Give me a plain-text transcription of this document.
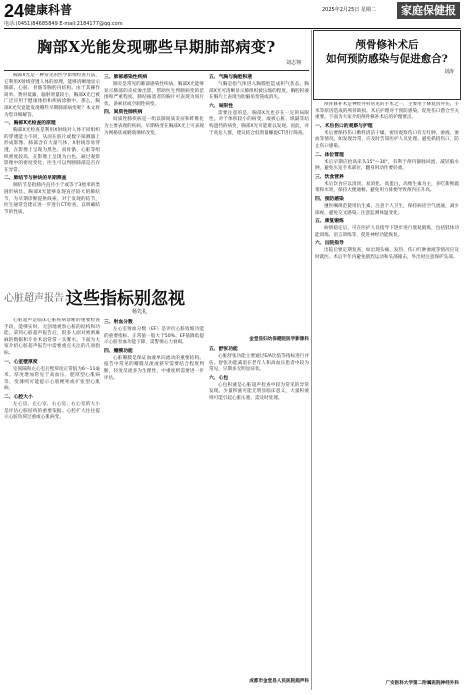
24 健康科普	2025年2月25日 星期二	家庭保健报
电话:(0451)84685849 E-mail:2184177@qq.com
胸部X光能发现哪些早期肺部病变?
刘志翔

胸部X光是一种常见的医学影像检查方法，它利用X射线穿透人体的原理，能够清晰地显示肺部、心脏、骨骼等胸腔内结构。由于其操作简单、费用低廉、辐射剂量较小，胸部X光已被广泛应用于健康体检和疾病诊断中。那么，胸部X光究竟能发现哪些早期肺部病变呢？本文将为您详细解答。

一、胸部X光检查的原理

胸部X光检查是利用X射线对人体不同组织的穿透能力不同，从而在胶片或数字探测器上形成影像。肺部含有大量气体，X射线容易穿透，在影像上呈现为黑色；而骨骼、心脏等组织密度较高，在影像上呈现为白色。通过观察影像中的密度变化，医生可以判断肺部是否存在异常。

二、肺结节与肿块的早期筛查

肺结节是指肺内直径小于或等于3厘米的类圆形病灶。胸部X光能够发现直径较大的肺结节，为早期诊断提供线索。对于发现的结节，医生通常会建议进一步进行CT检查，以明确结节的性质。

三、肺部感染性疾病

肺炎是常见的肺部感染性疾病。胸部X光能够显示肺部的炎症渗出影，帮助医生判断病变的范围和严重程度。肺结核患者的胸片可表现为斑片状、条索状或空洞性病变。

四、间质性肺疾病

间质性肺疾病是一组以肺间质炎症和纤维化为主要表现的疾病。早期病变在胸部X光上可表现为网格状或磨玻璃样改变。

五、气胸与胸腔积液

气胸是指气体进入胸膜腔造成积气状态。胸部X光可清晰显示肺组织被压缩的程度。胸腔积液在胸片上表现为肋膈角变钝或消失。

六、局限性

需要注意的是，胸部X光也存在一定的局限性。对于体积较小的病变，或被心脏、纵隔等结构遮挡的病变，胸部X光可能难以发现。因此，对于高危人群，建议结合低剂量螺旋CT进行筛查。

金堂县妇幼保健院医学影像科
心脏超声报告：
这些指标别忽视
杨先礼

心脏超声是临床心脏疾病诊断的重要检查手段，能够实时、无创地观察心脏的结构和功能。拿到心脏超声报告后，很多人面对密密麻麻的数据和专业术语常常一头雾水。下面为大家介绍心脏超声报告中需要重点关注的几项指标。

一、心室壁厚度

室间隔和左心室后壁厚度正常值为6～11毫米。厚度增加常见于高血压、肥厚型心肌病等，变薄则可能提示心肌梗死或扩张型心肌病。

二、心腔大小

左心房、左心室、右心房、右心室的大小是评估心脏结构的重要依据。心腔扩大往往提示心脏负荷过重或心肌病变。

三、射血分数

左心室射血分数（EF）是评价心脏收缩功能的重要指标，正常值一般大于50%。EF值降低提示心脏泵血功能下降，需警惕心力衰竭。

四、瓣膜功能

心脏瓣膜是保证血液单向流动的重要结构。报告中常见的瓣膜反流或狭窄需要结合程度判断，轻度反流多为生理性，中重度则需要进一步评估。

五、舒张功能

心脏舒张功能主要通过E/A比值等指标进行评估。舒张功能减退在老年人和高血压患者中较为常见，早期多无明显症状。

六、心包

心包积液是心脏超声检查中较为常见的异常发现。少量积液可能无明显临床意义，大量积液则可能引起心脏压塞，需及时处理。

成都市金堂县人民医院超声科
颅骨修补术后
如何预防感染与促进愈合?
刘涛

颅骨修补术是神经外科常见的手术之一，主要用于修复因外伤、手术等原因造成的颅骨缺损。术后护理对于预防感染、促进伤口愈合至关重要。下面为大家介绍颅骨修补术后的护理要点。

一、术后伤口的观察与护理

术后要保持伤口敷料清洁干燥，密切观察伤口有无红肿、渗液、渗血等情况。如发现异常，应及时告知医护人员处理。避免抓挠伤口，防止伤口感染。

二、体位管理

术后早期应抬高床头15°～30°，有利于颅内静脉回流，减轻脑水肿。避免压迫手术部位，翻身时动作要轻柔。

三、饮食营养

术后饮食应以清淡、易消化、高蛋白、高维生素为主，多吃新鲜蔬菜和水果，保持大便通畅，避免用力排便导致颅内压升高。

四、预防感染

遵医嘱规范使用抗生素，注意个人卫生，保持病房空气流通，减少探视，避免交叉感染。注意监测体温变化。

五、康复锻炼

病情稳定后，可在医护人员指导下逐步进行康复锻炼，包括肢体功能训练、语言训练等，促进神经功能恢复。

六、出院指导

出院后要定期复查，如出现头痛、发热、伤口红肿渗液等情况应及时就医。术后半年内避免剧烈运动和头部撞击，外出时注意保护头部。

广安医科大学第二附属医院神经外科
